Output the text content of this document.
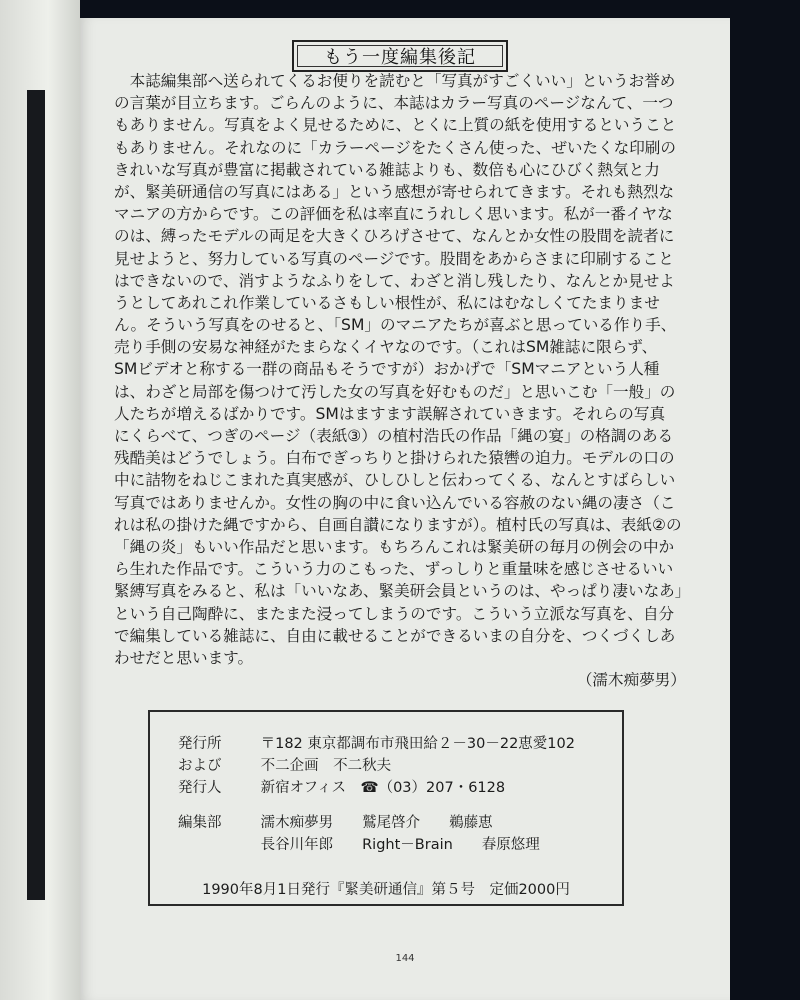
もう一度編集後記
　本誌編集部へ送られてくるお便りを読むと「写真がすごくいい」というお誉め
の言葉が目立ちます。ごらんのように、本誌はカラー写真のページなんて、一つ
もありません。写真をよく見せるために、とくに上質の紙を使用するということ
もありません。それなのに「カラーページをたくさん使った、ぜいたくな印刷の
きれいな写真が豊富に掲載されている雑誌よりも、数倍も心にひびく熱気と力
が、緊美研通信の写真にはある」という感想が寄せられてきます。それも熱烈な
マニアの方からです。この評価を私は率直にうれしく思います。私が一番イヤな
のは、縛ったモデルの両足を大きくひろげさせて、なんとか女性の股間を読者に
見せようと、努力している写真のページです。股間をあからさまに印刷すること
はできないので、消すようなふりをして、わざと消し残したり、なんとか見せよ
うとしてあれこれ作業しているさもしい根性が、私にはむなしくてたまりませ
ん。そういう写真をのせると、「SM」のマニアたちが喜ぶと思っている作り手、
売り手側の安易な神経がたまらなくイヤなのです。（これはSM雑誌に限らず、
SMビデオと称する一群の商品もそうですが）おかげで「SMマニアという人種
は、わざと局部を傷つけて汚した女の写真を好むものだ」と思いこむ「一般」の
人たちが増えるばかりです。SMはますます誤解されていきます。それらの写真
にくらべて、つぎのページ（表紙③）の植村浩氏の作品「縄の宴」の格調のある
残酷美はどうでしょう。白布でぎっちりと掛けられた猿轡の迫力。モデルの口の
中に詰物をねじこまれた真実感が、ひしひしと伝わってくる、なんとすばらしい
写真ではありませんか。女性の胸の中に食い込んでいる容赦のない縄の凄さ（こ
れは私の掛けた縄ですから、自画自讃になりますが）。植村氏の写真は、表紙②の
「縄の炎」もいい作品だと思います。もちろんこれは緊美研の毎月の例会の中か
ら生れた作品です。こういう力のこもった、ずっしりと重量味を感じさせるいい
緊縛写真をみると、私は「いいなあ、緊美研会員というのは、やっぱり凄いなあ」
という自己陶酔に、またまた浸ってしまうのです。こういう立派な写真を、自分
で編集している雑誌に、自由に載せることができるいまの自分を、つくづくしあ
わせだと思います。
（濡木痴夢男）
発行所	〒182 東京都調布市飛田給２－30－22恵愛102
および	不二企画　不二秋夫
発行人	新宿オフィス　☎（03）207・6128
編集部	濡木痴夢男　　鷲尾啓介　　鵜藤恵
長谷川年郎　　Right－Brain　　春原悠理
1990年8月1日発行『緊美研通信』第５号　定価2000円
144
